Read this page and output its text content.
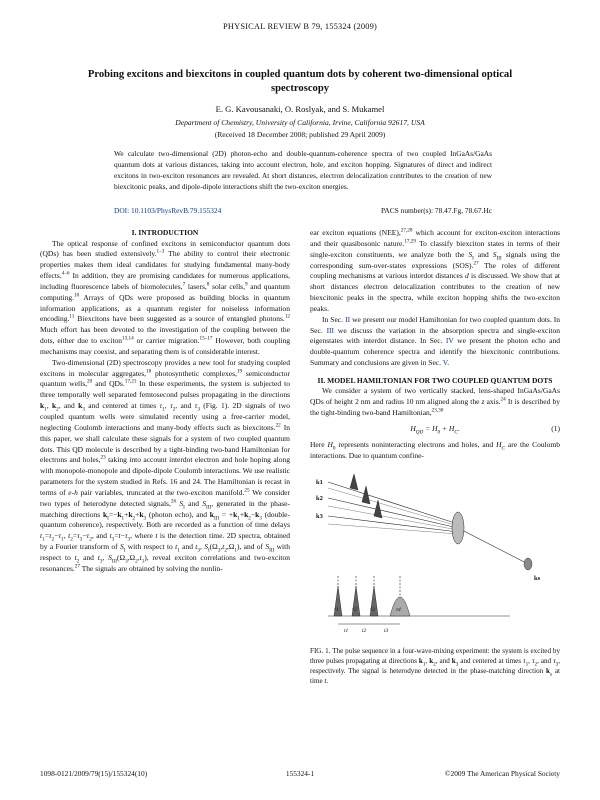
PHYSICAL REVIEW B 79, 155324 (2009)
Probing excitons and biexcitons in coupled quantum dots by coherent two-dimensional optical spectroscopy
E. G. Kavousanaki, O. Roslyak, and S. Mukamel
Department of Chemistry, University of California, Irvine, California 92617, USA
(Received 18 December 2008; published 29 April 2009)
We calculate two-dimensional (2D) photon-echo and double-quantum-coherence spectra of two coupled InGaAs/GaAs quantum dots at various distances, taking into account electron, hole, and exciton hopping. Signatures of direct and indirect excitons in two-exciton resonances are revealed. At short distances, electron delocalization contributes to the creation of new biexcitonic peaks, and dipole-dipole interactions shift the two-exciton energies.
DOI: 10.1103/PhysRevB.79.155324	PACS number(s): 78.47.Fg, 78.67.Hc

I. INTRODUCTION

The optical response of confined excitons in semiconductor quantum dots (QDs) has been studied extensively.$^{1-3}$ The ability to control their electronic properties makes them ideal candidates for studying fundamental many-body effects.$^{4-6}$ In addition, they are promising candidates for numerous applications, including fluorescence labels of biomolecules,$^7$ lasers,$^8$ solar cells,$^9$ and quantum computing.$^{10}$ Arrays of QDs were proposed as building blocks in quantum information applications, as a quantum register for noiseless information encoding.$^{11}$ Biexcitons have been suggested as a source of entangled photons.$^{12}$ Much effort has been devoted to the investigation of the coupling between the dots, either due to exciton$^{13,14}$ or carrier migration.$^{15-17}$ However, both coupling mechanisms may coexist, and separating them is of considerable interest.

Two-dimensional (2D) spectroscopy provides a new tool for studying coupled excitons in molecular aggregates,$^{18}$ photosynthetic complexes,$^{19}$ semiconductor quantum wells,$^{20}$ and QDs.$^{17,21}$ In these experiments, the system is subjected to three temporally well separated femtosecond pulses propagating in the directions $k_1$, $k_2$, and $k_3$ and centered at times $\tau_1$, $\tau_2$, and $\tau_3$ (Fig. 1). 2D signals of two coupled quantum wells were simulated recently using a free-carrier model, neglecting Coulomb interactions and many-body effects such as biexcitons.$^{22}$ In this paper, we shall calculate these signals for a system of two coupled quantum dots. This QD molecule is described by a tight-binding two-band Hamiltonian for electrons and holes,$^{23}$ taking into account interdot electron and hole hoping along with monopole-monopole and dipole-dipole Coulomb interactions. We use realistic parameters for the system studied in Refs. 16 and 24. The Hamiltonian is recast in terms of e-h pair variables, truncated at the two-exciton manifold.$^{25}$ We consider two types of heterodyne detected signals,$^{26}$ $S_I$ and $S_{III}$, generated in the phase-matching directions $k_I=-k_1+k_2+k_3$ (photon echo), and $k_{III} = +k_1+k_2-k_3$ (double-quantum coherence), respectively. Both are recorded as a function of time delays $t_1=\tau_2-\tau_1$, $t_2=\tau_3-\tau_2$, and $t_3=t-\tau_3$, where t is the detection time. 2D spectra, obtained by a Fourier transform of $S_I$ with respect to $t_1$ and $t_3$, $S_I(\Omega_3,t_2,\Omega_1)$, and of $S_{III}$ with respect to $t_2$ and $t_3$, $S_{III}(\Omega_3,\Omega_2,t_1)$, reveal exciton correlations and two-exciton resonances.$^{27}$ The signals are obtained by solving the nonlin-

ear exciton equations (NEE),$^{27,28}$ which account for exciton-exciton interactions and their quasibosonic nature.$^{17,29}$ To classify biexciton states in terms of their single-exciton constituents, we analyze both the $S_I$ and $S_{III}$ signals using the corresponding sum-over-states expressions (SOS).$^{27}$ The roles of different coupling mechanisms at various interdot distances d is discussed. We show that at short distances electron delocalization contributes to the creation of new biexcitonic peaks in the spectra, while exciton hopping shifts the two-exciton peaks.

In Sec. II we present our model Hamiltonian for two coupled quantum dots. In Sec. III we discuss the variation in the absorption spectra and single-exciton eigenstates with interdot distance. In Sec. IV we present the photon echo and double-quantum coherence spectra and identify the biexcitonic contributions. Summary and conclusions are given in Sec. V.

II. MODEL HAMILTONIAN FOR TWO COUPLED QUANTUM DOTS

We consider a system of two vertically stacked, lens-shaped InGaAs/GaAs QDs of height 2 nm and radius 10 nm aligned along the z axis.$^{24}$ It is described by the tight-binding two-band Hamiltonian,$^{23,30}$

$H_{QD} = H_0 + H_C$.	(1)

Here $H_0$ represents noninteracting electrons and holes, and $H_C$ are the Coulomb interactions. Due to quantum confine-

k1
k2
k3
ks
τ1 τ2 τ3	τ4
t1 t2	t3
FIG. 1. The pulse sequence in a four-wave-mixing experiment: the system is excited by three pulses propagating at directions $k_1$, $k_2$, and $k_3$ and centered at times $\tau_1$, $\tau_2$, and $\tau_3$, respectively. The signal is heterodyne detected in the phase-matching direction $k_s$ at time t.
1098-0121/2009/79(15)/155324(10)	155324-1	©2009 The American Physical Society
